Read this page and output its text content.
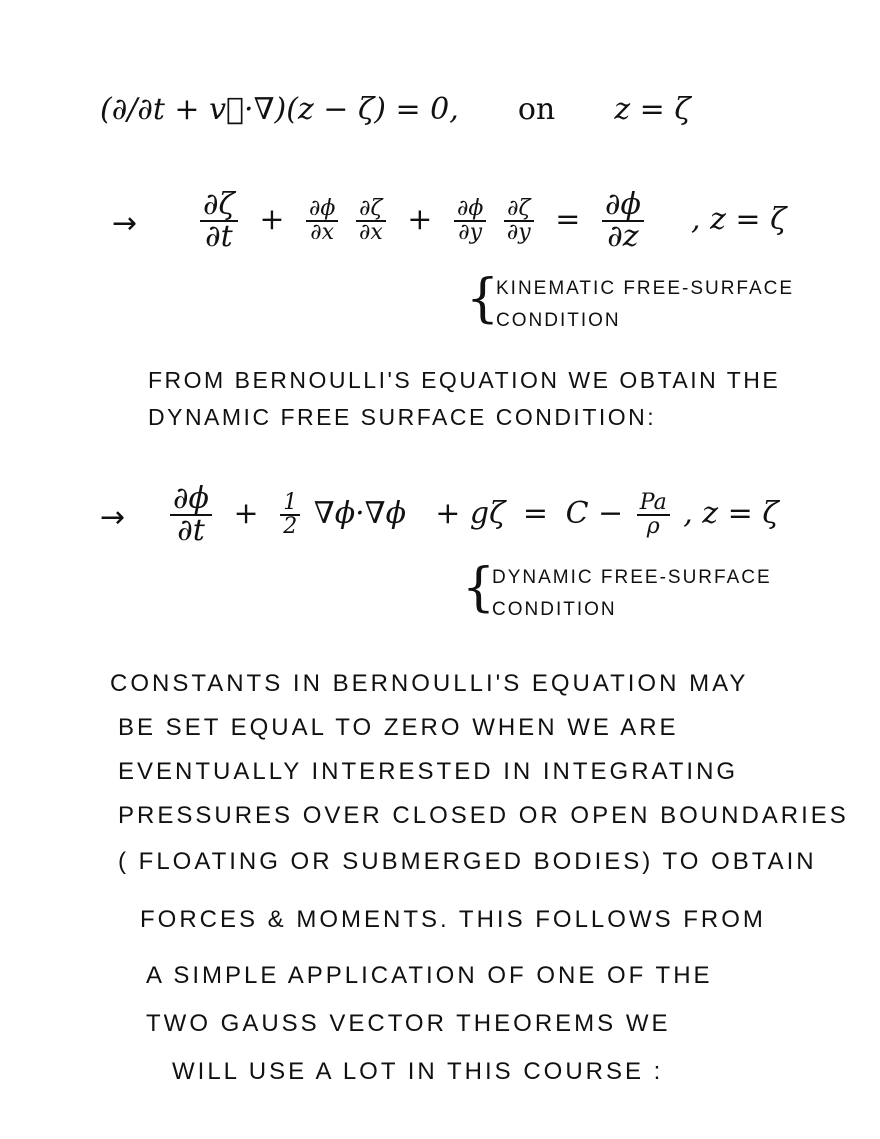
(∂/∂t + v⃗·∇)(z − ζ) = 0, on z = ζ
→ $\frac{\partial\zeta}{\partial t} + \frac{\partial\phi}{\partial x}$
$\frac{\partial\zeta}{\partial x} + \frac{\partial\phi}{\partial y}$
$\frac{\partial\zeta}{\partial y} = \frac{\partial\phi}{\partial z}$ , z = ζ
{
KINEMATIC FREE-SURFACE
CONDITION
FROM BERNOULLI'S EQUATION WE OBTAIN THE
DYNAMIC FREE SURFACE CONDITION:
→ $\frac{\partial\phi}{\partial t} + \frac{1}{2} \nabla\phi\cdot\nabla\phi + g\zeta = C - \frac{Pa}{\rho}$ , z = ζ
{
DYNAMIC FREE-SURFACE
CONDITION
CONSTANTS IN BERNOULLI'S EQUATION MAY
BE SET EQUAL TO ZERO WHEN WE ARE
EVENTUALLY INTERESTED IN INTEGRATING
PRESSURES OVER CLOSED OR OPEN BOUNDARIES
( FLOATING OR SUBMERGED BODIES) TO OBTAIN
FORCES & MOMENTS. THIS FOLLOWS FROM
A SIMPLE APPLICATION OF ONE OF THE
TWO GAUSS VECTOR THEOREMS WE
WILL USE A LOT IN THIS COURSE :
